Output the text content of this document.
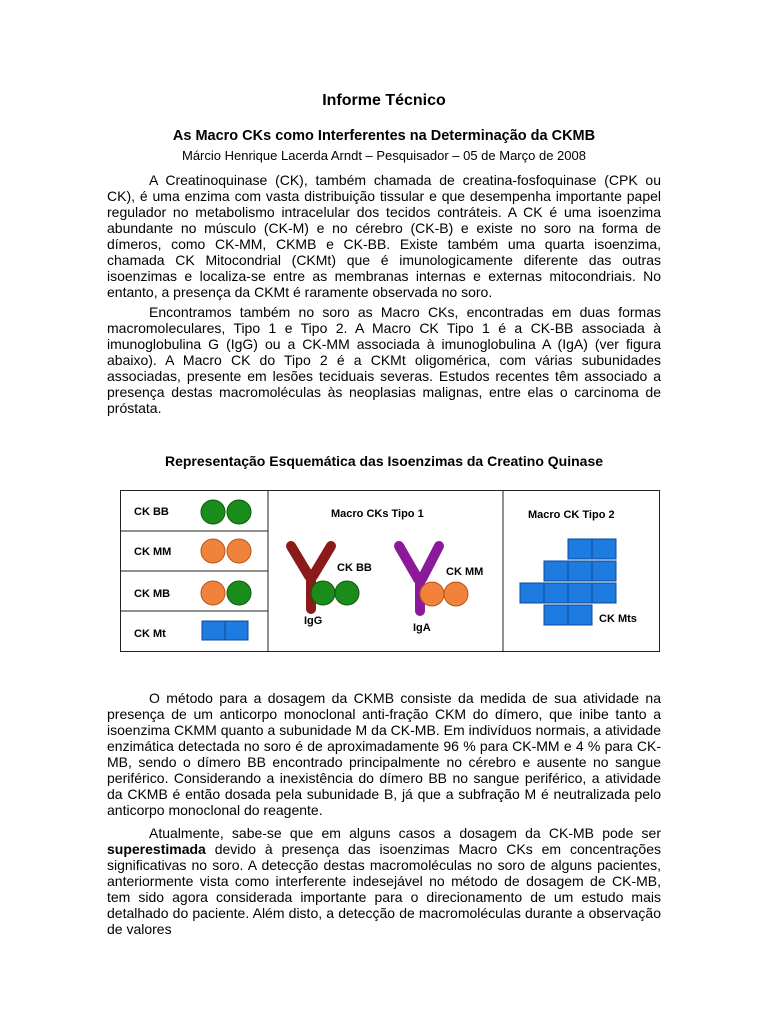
Informe Técnico
As Macro CKs como Interferentes na Determinação da CKMB
Márcio Henrique Lacerda Arndt – Pesquisador – 05 de Março de 2008
A Creatinoquinase (CK), também chamada de creatina-fosfoquinase (CPK ou CK), é uma enzima com vasta distribuição tissular e que desempenha importante papel regulador no metabolismo intracelular dos tecidos contráteis. A CK é uma isoenzima abundante no músculo (CK-M) e no cérebro (CK-B) e existe no soro na forma de dímeros, como CK-MM, CKMB e CK-BB. Existe também uma quarta isoenzima, chamada CK Mitocondrial (CKMt) que é imunologicamente diferente das outras isoenzimas e localiza-se entre as membranas internas e externas mitocondriais. No entanto, a presença da CKMt é raramente observada no soro.
Encontramos também no soro as Macro CKs, encontradas em duas formas macromoleculares, Tipo 1 e Tipo 2. A Macro CK Tipo 1 é a CK-BB associada à imunoglobulina G (IgG) ou a CK-MM associada à imunoglobulina A (IgA) (ver figura abaixo). A Macro CK do Tipo 2 é a CKMt oligomérica, com várias subunidades associadas, presente em lesões teciduais severas. Estudos recentes têm associado a presença destas macromoléculas às neoplasias malignas, entre elas o carcinoma de próstata.
Representação Esquemática das Isoenzimas da Creatino Quinase
CK BB
CK MM
CK MB
CK Mt
Macro CKs Tipo 1
CK BB
IgG
CK MM
IgA
Macro CK Tipo 2
CK Mts
O método para a dosagem da CKMB consiste da medida de sua atividade na presença de um anticorpo monoclonal anti-fração CKM do dímero, que inibe tanto a isoenzima CKMM quanto a subunidade M da CK-MB. Em indivíduos normais, a atividade enzimática detectada no soro é de aproximadamente 96 % para CK-MM e 4 % para CK-MB, sendo o dímero BB encontrado principalmente no cérebro e ausente no sangue periférico. Considerando a inexistência do dímero BB no sangue periférico, a atividade da CKMB é então dosada pela subunidade B, já que a subfração M é neutralizada pelo anticorpo monoclonal do reagente.
Atualmente, sabe-se que em alguns casos a dosagem da CK-MB pode ser superestimada devido à presença das isoenzimas Macro CKs em concentrações significativas no soro. A detecção destas macromoléculas no soro de alguns pacientes, anteriormente vista como interferente indesejável no método de dosagem de CK-MB, tem sido agora considerada importante para o direcionamento de um estudo mais detalhado do paciente. Além disto, a detecção de macromoléculas durante a observação de valores
